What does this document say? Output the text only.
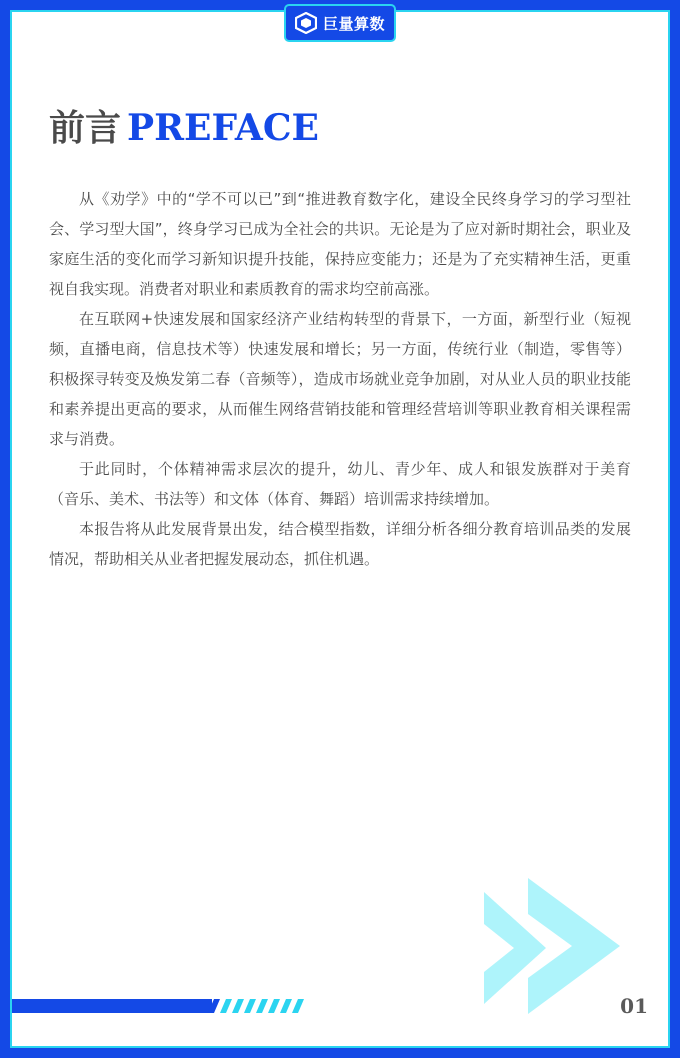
巨量算数
前言 PREFACE

从《劝学》中的“学不可以已”到“推进教育数字化，建设全民终身学习的学习型社会、学习型大国”，终身学习已成为全社会的共识。无论是为了应对新时期社会，职业及家庭生活的变化而学习新知识提升技能，保持应变能力；还是为了充实精神生活，更重视自我实现。消费者对职业和素质教育的需求均空前高涨。

在互联网+快速发展和国家经济产业结构转型的背景下，一方面，新型行业（短视频，直播电商，信息技术等）快速发展和增长；另一方面，传统行业（制造，零售等）积极探寻转变及焕发第二春（音频等），造成市场就业竞争加剧，对从业人员的职业技能和素养提出更高的要求，从而催生网络营销技能和管理经营培训等职业教育相关课程需求与消费。

于此同时，个体精神需求层次的提升，幼儿、青少年、成人和银发族群对于美育（音乐、美术、书法等）和文体（体育、舞蹈）培训需求持续增加。

本报告将从此发展背景出发，结合模型指数，详细分析各细分教育培训品类的发展情况，帮助相关从业者把握发展动态，抓住机遇。

01
